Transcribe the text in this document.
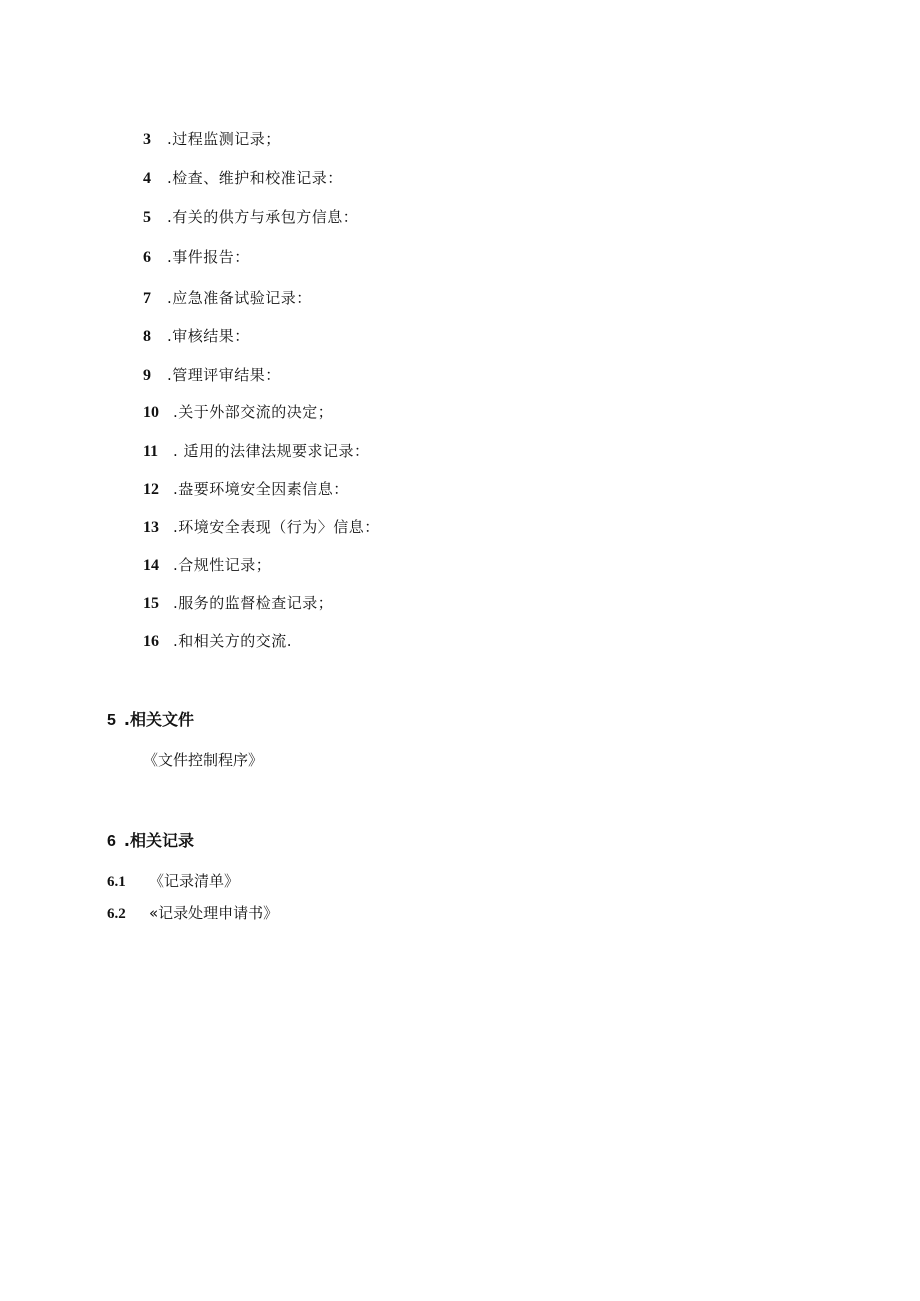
3 .过程监测记录；
4 .检查、维护和校准记录：
5 .有关的供方与承包方信息：
6 .事件报告：
7 .应急准备试验记录：
8 .审核结果：
9 .管理评审结果：
10 .关于外部交流的决定；
11 . 适用的法律法规要求记录：
12 .盎要环境安全因素信息：
13 .环境安全表现（行为〉信息：
14 .合规性记录；
15 .服务的监督检查记录；
16 .和相关方的交流.
5 .相关文件
《文件控制程序》
6 .相关记录
6.1 《记录清单》
6.2 «记录处理申请书》
